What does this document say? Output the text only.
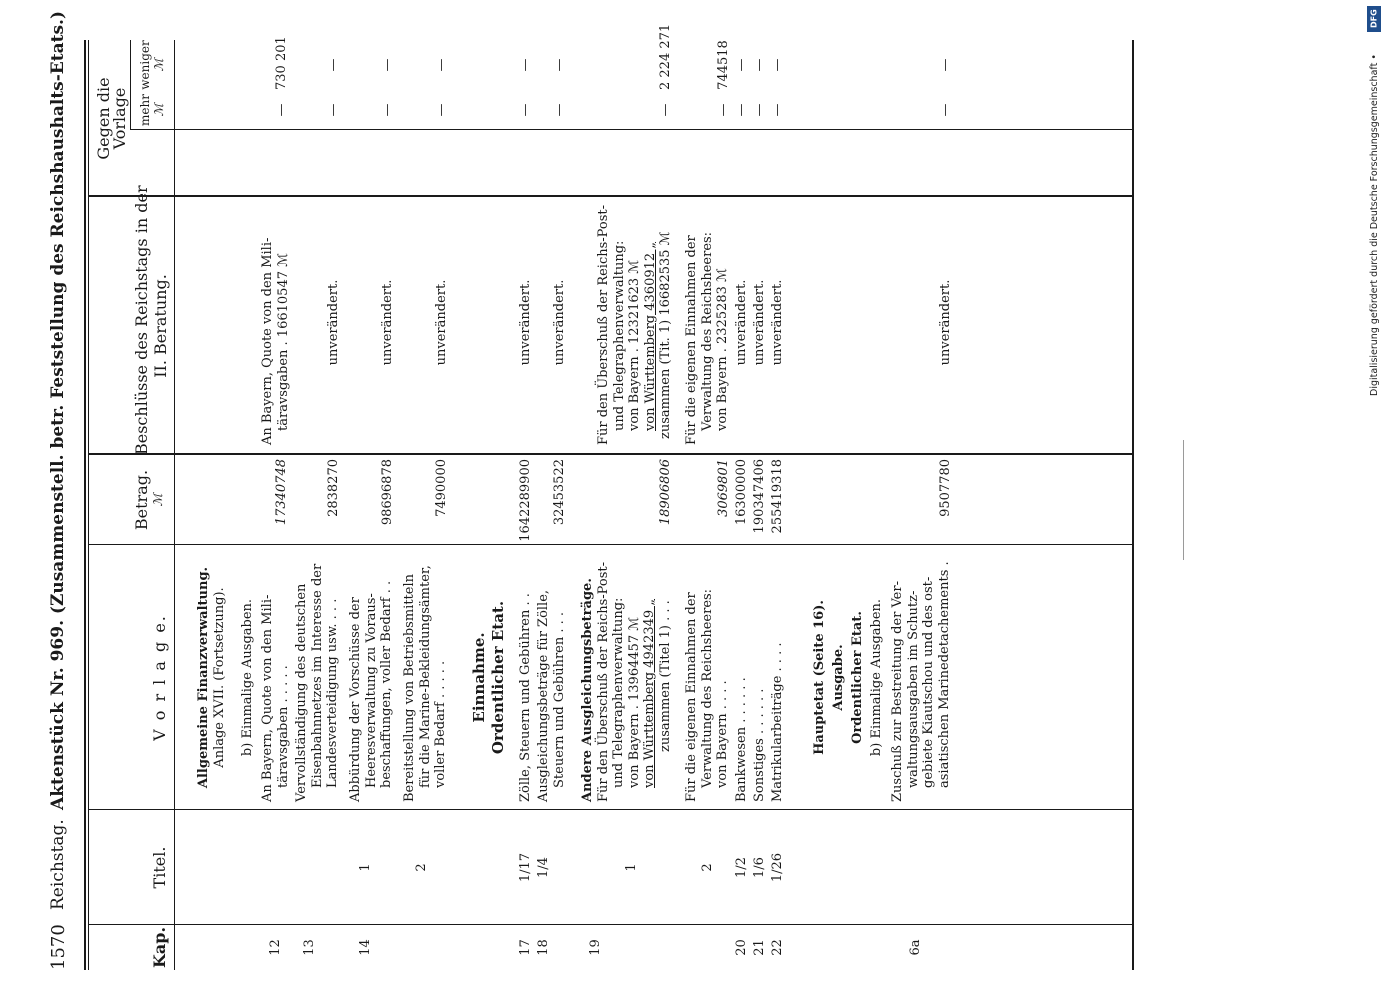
1570
Reichstag.
Aktenstück Nr. 969. (Zusammenstell. betr. Feststellung des Reichshaushalts-Etats.)
Kap.
Titel.
V o r l a g e.
Betrag. ℳ
Beschlüsse des Reichstags in der II. Beratung.
Gegen die
Vorlage mehr ℳ
weniger ℳ
Allgemeine Finanzverwaltung. Anlage XVII. (Fortsetzung). b) Einmalige Ausgaben.
12
An Bayern, Quote von den Mili- täravsgaben . . . . .
17340748
An Bayern, Quote von den Mili- täravsgaben . 16610547 ℳ
—
730 201
13
Vervollständigung des deutschen Eisenbahnnetzes im Interesse der Landesverteidigung usw. . . .
2838270
unverändert.
—
—
14
1
Abbürdung der Vorschüsse der Heeresverwaltung zu Voraus- beschaffungen, voller Bedarf . .
98696878
unverändert.
—
—
2
Bereitstellung von Betriebsmitteln für die Marine-Bekleidungsämter, voller Bedarf . . . . .
7490000
unverändert.
—
—
Einnahme. Ordentlicher Etat.
17
1/17
Zölle, Steuern und Gebühren . .
1642289900
unverändert.
—
—
18
1/4
Ausgleichungsbeträge für Zölle, Steuern und Gebühren . . .
32453522
unverändert.
—
—
19
1
Andere Ausgleichungsbeträge. Für den Überschuß der Reichs-Post- und Telegraphenverwaltung: von Bayern . 13964457 ℳ von Württemberg 4942349 „ zusammen (Titel 1) . . .
18906806
Für den Überschuß der Reichs-Post- und Telegraphenverwaltung: von Bayern . 12321623 ℳ von Württemberg 4360912 „ zusammen (Tit. 1) 16682535 ℳ
—
2 224 271
2
Für die eigenen Einnahmen der Verwaltung des Reichsheeres: von Bayern . . . .
3069801
Für die eigenen Einnahmen der Verwaltung des Reichsheeres: von Bayern . 2325283 ℳ
—
744518
20
1/2
Bankwesen . . . . . .
16300000
unverändert.
—
—
21
1/6
Sonstiges . . . . . .
190347406
unverändert.
—
—
22
1/26
Matrikularbeiträge . . . .
255419318
unverändert.
—
—
Hauptetat (Seite 16). Ausgabe. Ordentlicher Etat. b) Einmalige Ausgaben.
6a
Zuschuß zur Bestreitung der Ver- waltungsausgaben im Schutz- gebiete Kiautschou und des ost- asiatischen Marinedetachements .
9507780
unverändert.
—
—
DFG
Digitalisierung gefördert durch die Deutsche Forschungsgemeinschaft •
